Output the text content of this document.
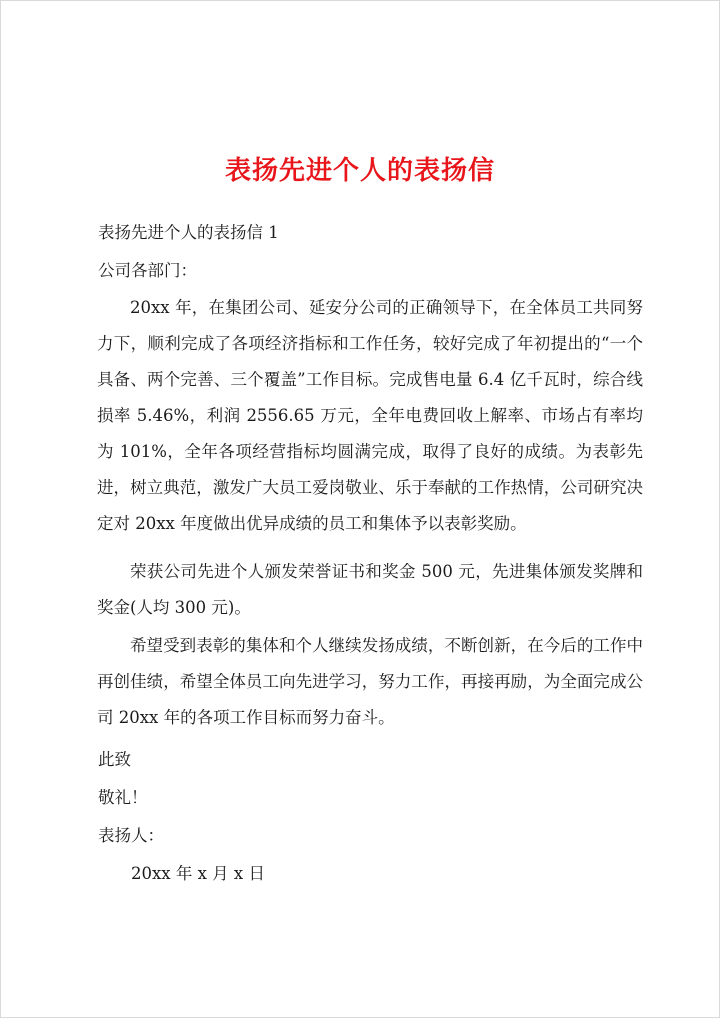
表扬先进个人的表扬信
表扬先进个人的表扬信 1
公司各部门：

20xx 年，在集团公司、延安分公司的正确领导下，在全体员工共同努力下，顺利完成了各项经济指标和工作任务，较好完成了年初提出的“一个具备、两个完善、三个覆盖”工作目标。完成售电量 6.4 亿千瓦时，综合线损率 5.46%，利润 2556.65 万元，全年电费回收上解率、市场占有率均为 101%，全年各项经营指标均圆满完成，取得了良好的成绩。为表彰先进，树立典范，激发广大员工爱岗敬业、乐于奉献的工作热情，公司研究决定对 20xx 年度做出优异成绩的员工和集体予以表彰奖励。

荣获公司先进个人颁发荣誉证书和奖金 500 元，先进集体颁发奖牌和奖金(人均 300 元)。

希望受到表彰的集体和个人继续发扬成绩，不断创新，在今后的工作中再创佳绩，希望全体员工向先进学习，努力工作，再接再励，为全面完成公司 20xx 年的各项工作目标而努力奋斗。

此致
敬礼！
表扬人：
20xx 年 x 月 x 日
